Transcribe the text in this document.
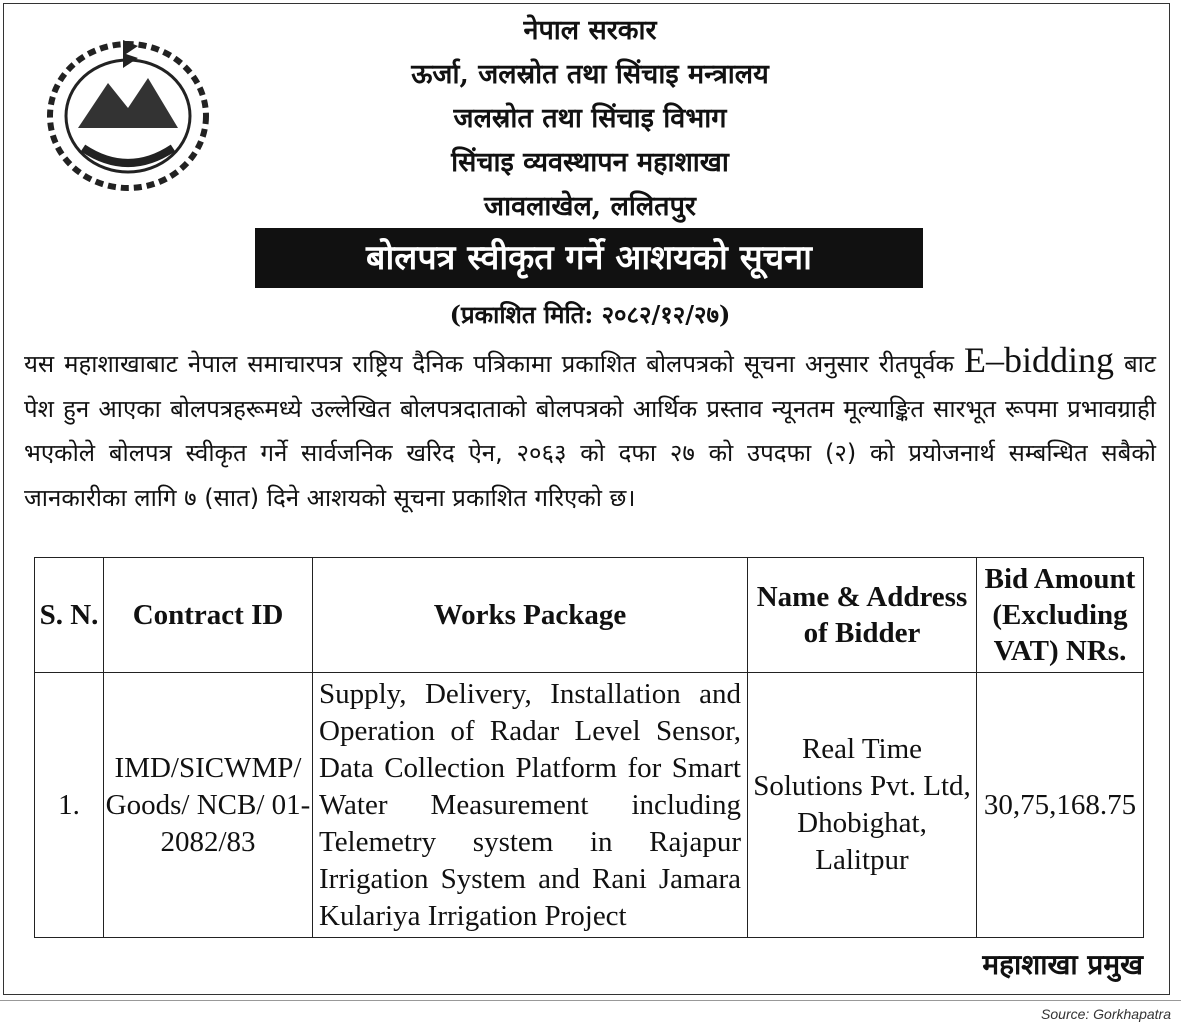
नेपाल सरकार
ऊर्जा, जलस्रोत तथा सिंचाइ मन्त्रालय
जलस्रोत तथा सिंचाइ विभाग
सिंचाइ व्यवस्थापन महाशाखा
जावलाखेल, ललितपुर
बोलपत्र स्वीकृत गर्ने आशयको सूचना
(प्रकाशित मिति: २०८२/१२/२७)
यस महाशाखाबाट नेपाल समाचारपत्र राष्ट्रिय दैनिक पत्रिकामा प्रकाशित बोलपत्रको सूचना अनुसार रीतपूर्वक E–bidding बाट पेश हुन आएका बोलपत्रहरूमध्ये उल्लेखित बोलपत्रदाताको बोलपत्रको आर्थिक प्रस्ताव न्यूनतम मूल्याङ्कित सारभूत रूपमा प्रभावग्राही भएकोले बोलपत्र स्वीकृत गर्ने सार्वजनिक खरिद ऐन, २०६३ को दफा २७ को उपदफा (२) को प्रयोजनार्थ सम्बन्धित सबैको जानकारीका लागि ७ (सात) दिने आशयको सूचना प्रकाशित गरिएको छ।
S. N.	Contract ID	Works Package	Name & Address of Bidder	Bid Amount (Excluding VAT) NRs.
1.	IMD/SICWMP/ Goods/ NCB/ 01-2082/83	Supply, Delivery, Installation and Operation of Radar Level Sensor, Data Collection Platform for Smart Water Measurement including Telemetry system in Rajapur Irrigation System and Rani Jamara Kulariya Irrigation Project	Real Time Solutions Pvt. Ltd, Dhobighat, Lalitpur	30,75,168.75
महाशाखा प्रमुख
Source: Gorkhapatra
